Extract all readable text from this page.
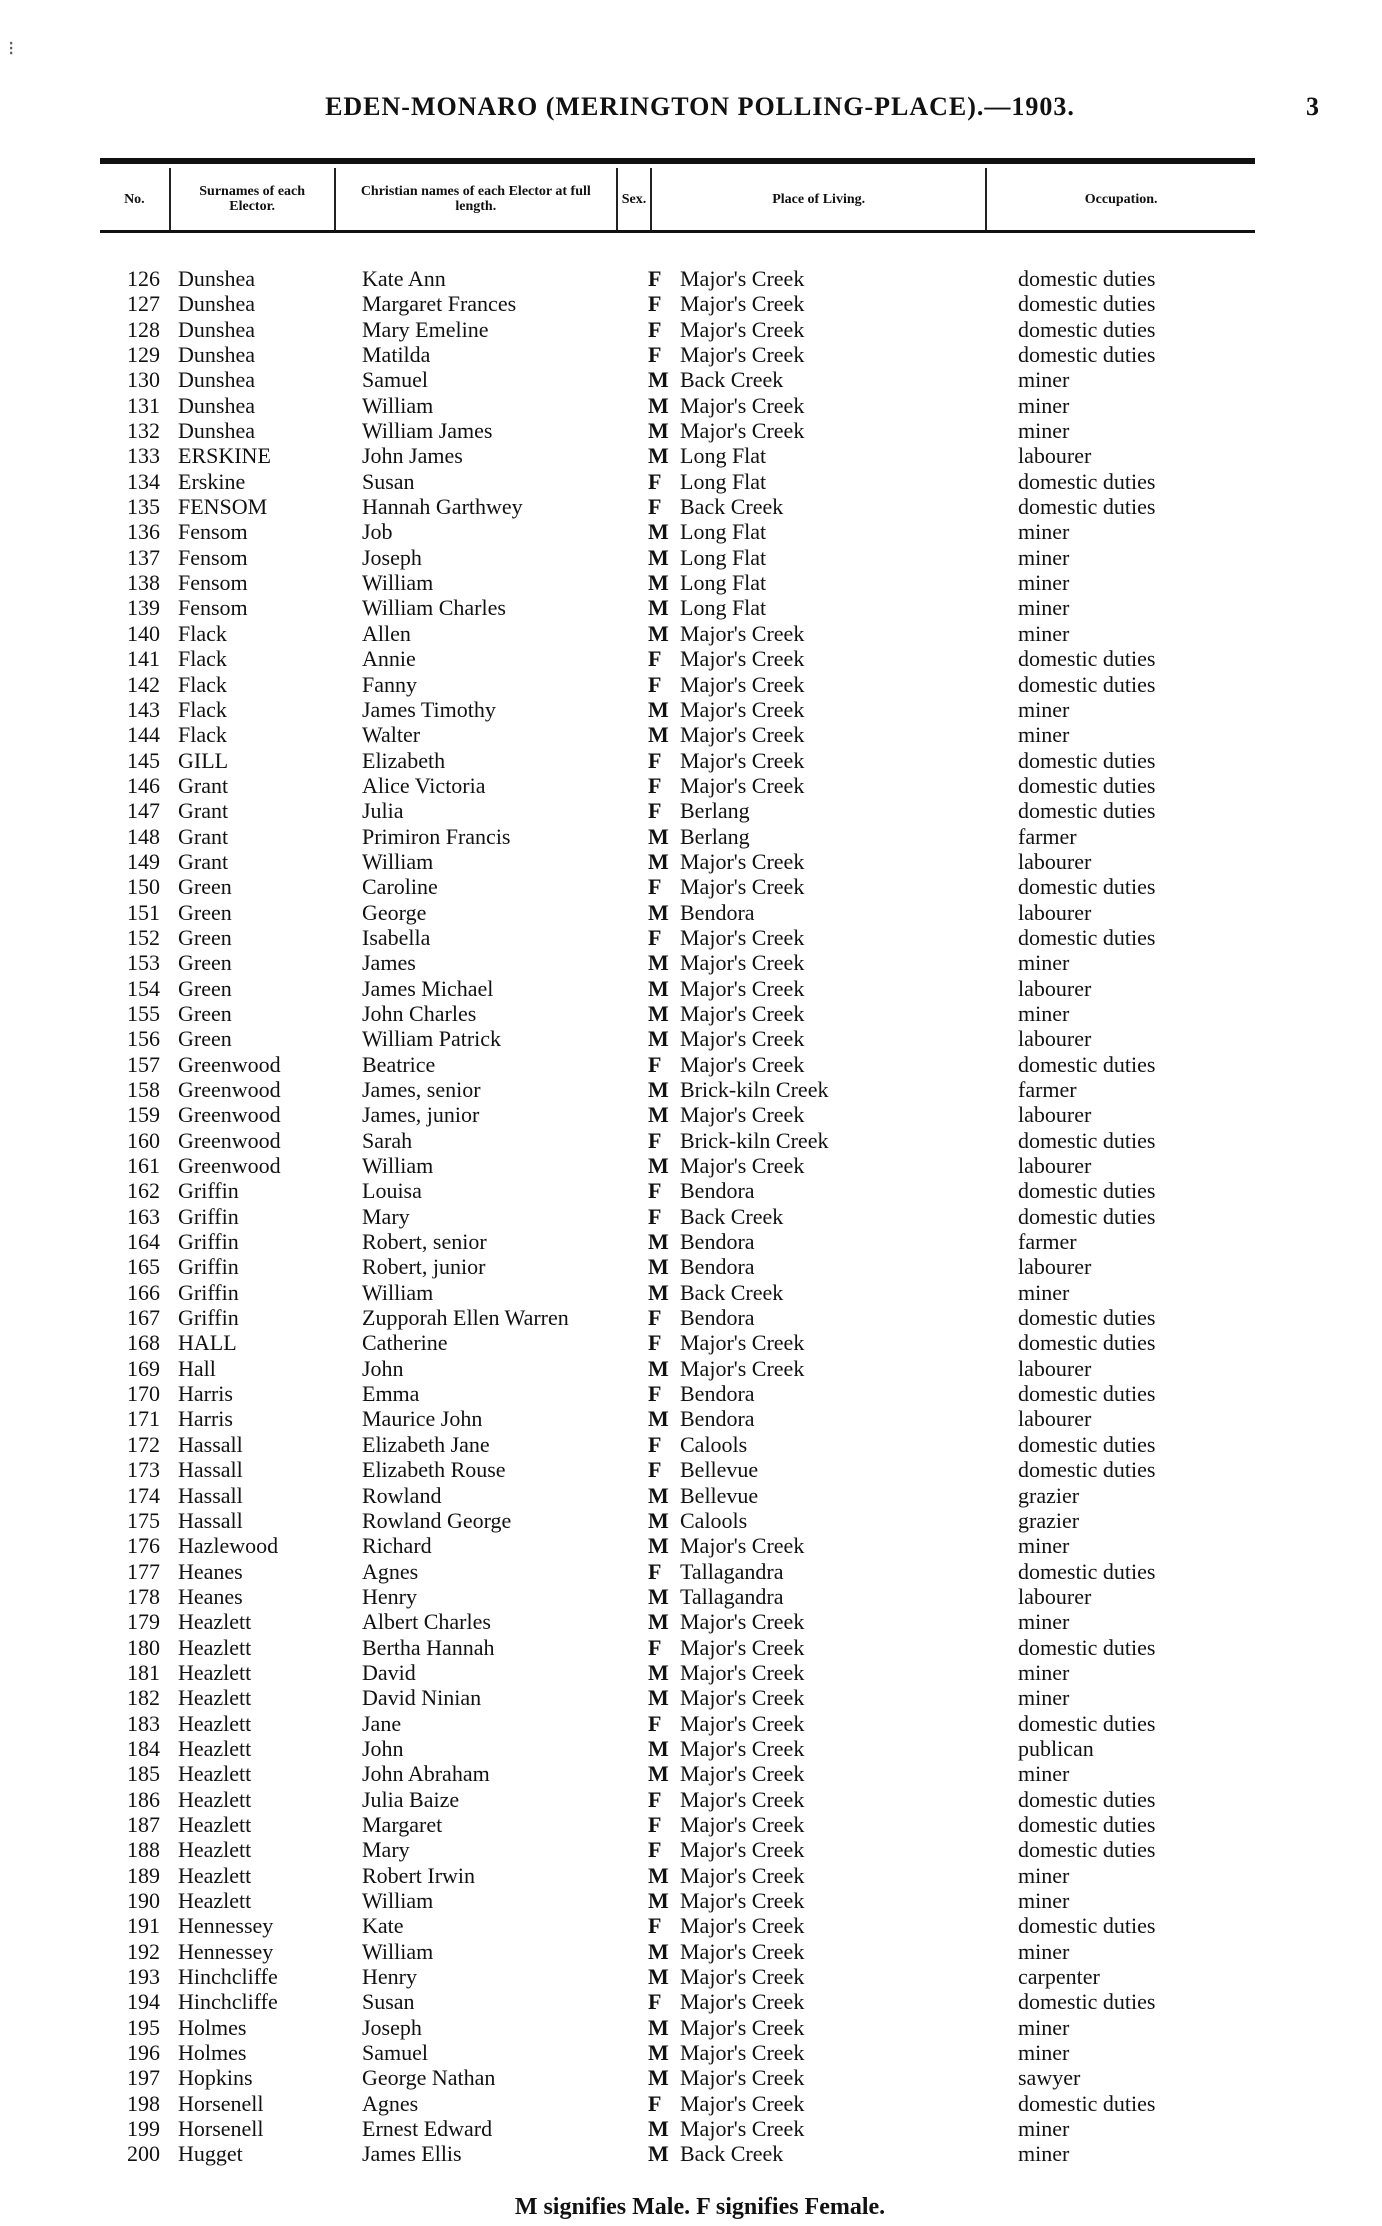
⁝
EDEN-MONARO (MERINGTON POLLING-PLACE).—1903.	3
No.	Surnames of each Elector.
Christian names of each Elector at full length.	Sex.	Place of Living.	Occupation.
126 Dunshea	Kate Ann	F Major's Creek	domestic duties
127 Dunshea	Margaret Frances	F Major's Creek	domestic duties
128 Dunshea	Mary Emeline	F Major's Creek	domestic duties
129 Dunshea	Matilda	F Major's Creek	domestic duties
130 Dunshea	Samuel	M Back Creek	miner
131 Dunshea	William	M Major's Creek	miner
132 Dunshea	William James	M Major's Creek	miner
133 ERSKINE	John James	M Long Flat	labourer
134 Erskine	Susan	F Long Flat	domestic duties
135 FENSOM	Hannah Garthwey	F Back Creek	domestic duties
136 Fensom	Job	M Long Flat	miner
137 Fensom	Joseph	M Long Flat	miner
138 Fensom	William	M Long Flat	miner
139 Fensom	William Charles	M Long Flat	miner
140 Flack	Allen	M Major's Creek	miner
141 Flack	Annie	F Major's Creek	domestic duties
142 Flack	Fanny	F Major's Creek	domestic duties
143 Flack	James Timothy	M Major's Creek	miner
144 Flack	Walter	M Major's Creek	miner
145 GILL	Elizabeth	F Major's Creek	domestic duties
146 Grant	Alice Victoria	F Major's Creek	domestic duties
147 Grant	Julia	F Berlang	domestic duties
148 Grant	Primiron Francis	M Berlang	farmer
149 Grant	William	M Major's Creek	labourer
150 Green	Caroline	F Major's Creek	domestic duties
151 Green	George	M Bendora	labourer
152 Green	Isabella	F Major's Creek	domestic duties
153 Green	James	M Major's Creek	miner
154 Green	James Michael	M Major's Creek	labourer
155 Green	John Charles	M Major's Creek	miner
156 Green	William Patrick	M Major's Creek	labourer
157 Greenwood	Beatrice	F Major's Creek	domestic duties
158 Greenwood	James, senior	M Brick-kiln Creek	farmer
159 Greenwood	James, junior	M Major's Creek	labourer
160 Greenwood	Sarah	F Brick-kiln Creek	domestic duties
161 Greenwood	William	M Major's Creek	labourer
162 Griffin	Louisa	F Bendora	domestic duties
163 Griffin	Mary	F Back Creek	domestic duties
164 Griffin	Robert, senior	M Bendora	farmer
165 Griffin	Robert, junior	M Bendora	labourer
166 Griffin	William	M Back Creek	miner
167 Griffin	Zupporah Ellen Warren	F Bendora	domestic duties
168 HALL	Catherine	F Major's Creek	domestic duties
169 Hall	John	M Major's Creek	labourer
170 Harris	Emma	F Bendora	domestic duties
171 Harris	Maurice John	M Bendora	labourer
172 Hassall	Elizabeth Jane	F Calools	domestic duties
173 Hassall	Elizabeth Rouse	F Bellevue	domestic duties
174 Hassall	Rowland	M Bellevue	grazier
175 Hassall	Rowland George	M Calools	grazier
176 Hazlewood	Richard	M Major's Creek	miner
177 Heanes	Agnes	F Tallagandra	domestic duties
178 Heanes	Henry	M Tallagandra	labourer
179 Heazlett	Albert Charles	M Major's Creek	miner
180 Heazlett	Bertha Hannah	F Major's Creek	domestic duties
181 Heazlett	David	M Major's Creek	miner
182 Heazlett	David Ninian	M Major's Creek	miner
183 Heazlett	Jane	F Major's Creek	domestic duties
184 Heazlett	John	M Major's Creek	publican
185 Heazlett	John Abraham	M Major's Creek	miner
186 Heazlett	Julia Baize	F Major's Creek	domestic duties
187 Heazlett	Margaret	F Major's Creek	domestic duties
188 Heazlett	Mary	F Major's Creek	domestic duties
189 Heazlett	Robert Irwin	M Major's Creek	miner
190 Heazlett	William	M Major's Creek	miner
191 Hennessey	Kate	F Major's Creek	domestic duties
192 Hennessey	William	M Major's Creek	miner
193 Hinchcliffe	Henry	M Major's Creek	carpenter
194 Hinchcliffe	Susan	F Major's Creek	domestic duties
195 Holmes	Joseph	M Major's Creek	miner
196 Holmes	Samuel	M Major's Creek	miner
197 Hopkins	George Nathan	M Major's Creek	sawyer
198 Horsenell	Agnes	F Major's Creek	domestic duties
199 Horsenell	Ernest Edward	M Major's Creek	miner
200 Hugget	James Ellis	M Back Creek	miner
M signifies Male. F signifies Female.
